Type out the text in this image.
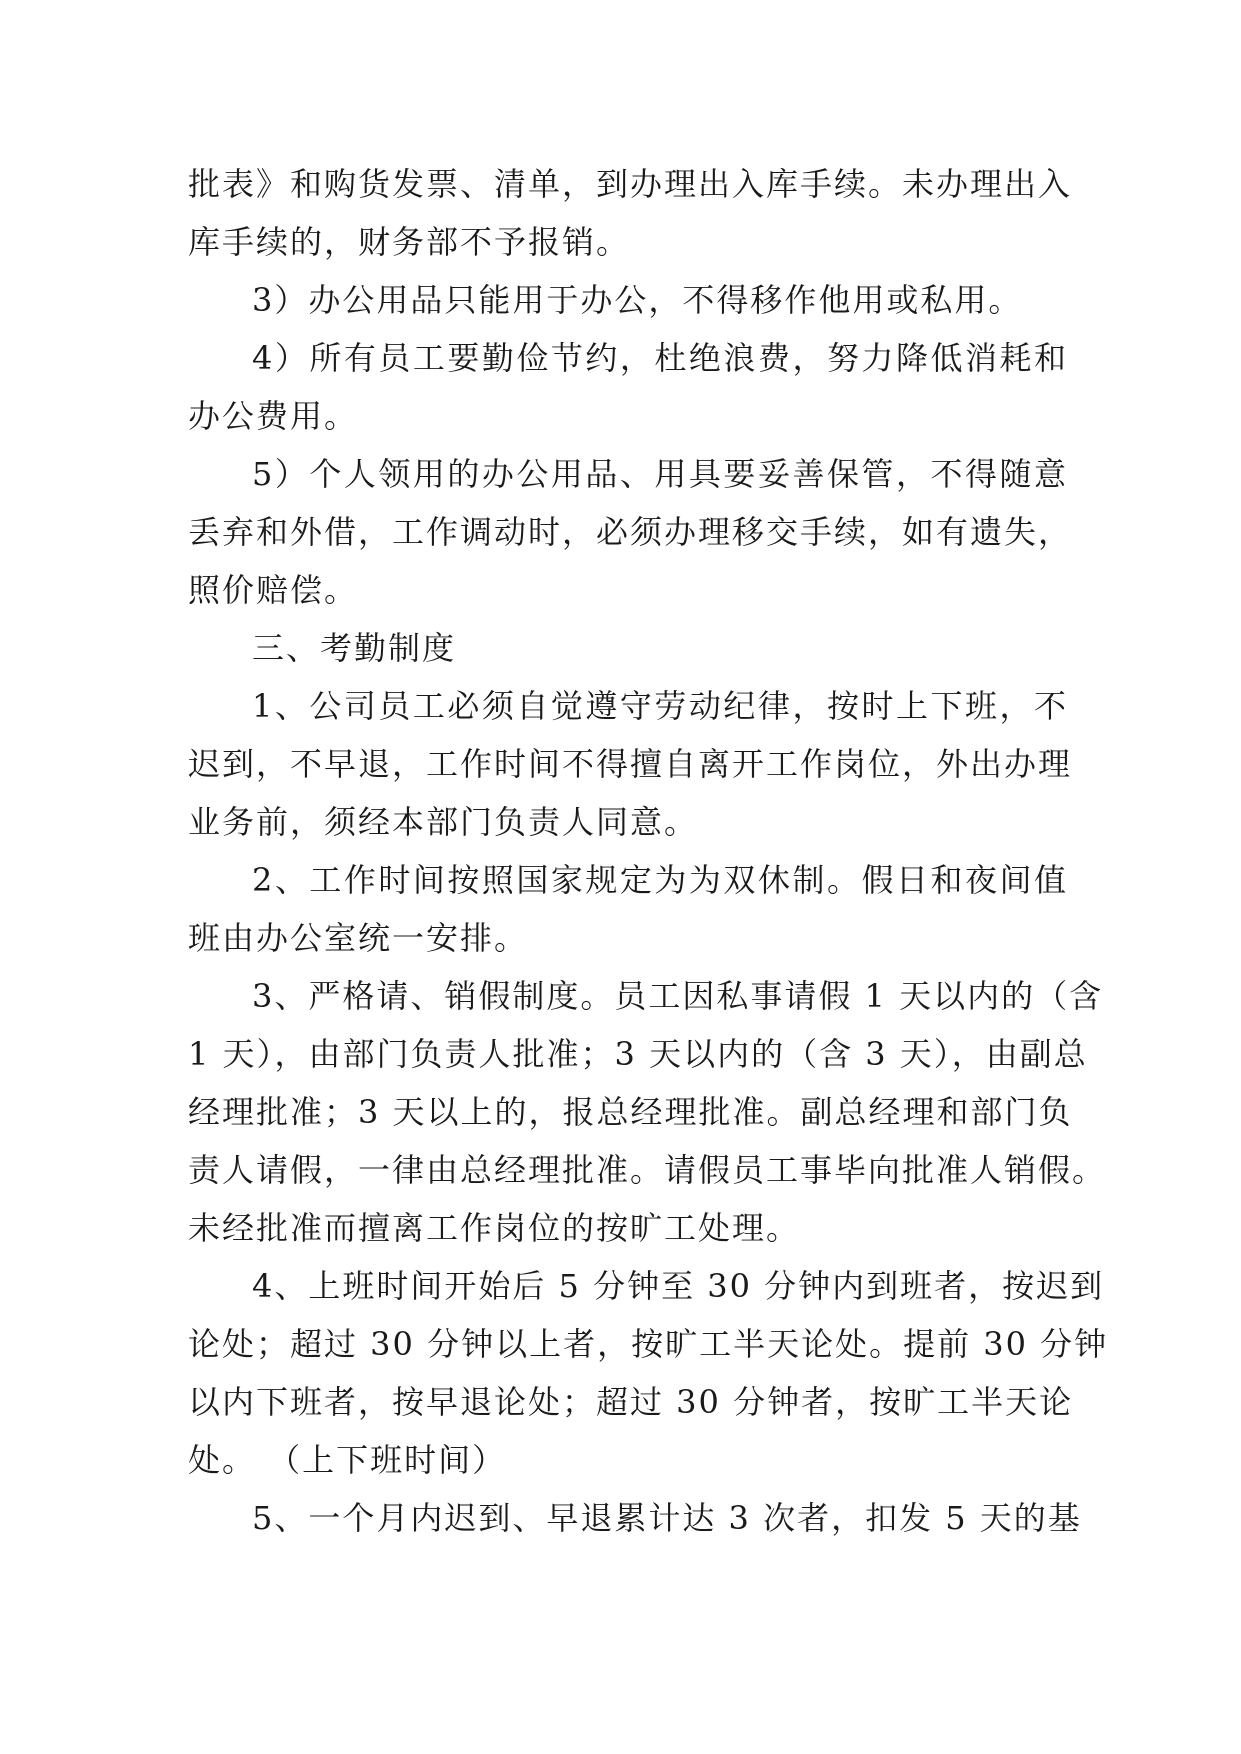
批表》和购货发票、清单，到办理出入库手续。未办理出入
库手续的，财务部不予报销。
3）办公用品只能用于办公，不得移作他用或私用。
4）所有员工要勤俭节约，杜绝浪费，努力降低消耗和
办公费用。
5）个人领用的办公用品、用具要妥善保管，不得随意
丢弃和外借，工作调动时，必须办理移交手续，如有遗失，
照价赔偿。
三、考勤制度
1、公司员工必须自觉遵守劳动纪律，按时上下班，不
迟到，不早退，工作时间不得擅自离开工作岗位，外出办理
业务前，须经本部门负责人同意。
2、工作时间按照国家规定为为双休制。假日和夜间值
班由办公室统一安排。
3、严格请、销假制度。员工因私事请假 1 天以内的（含
1 天），由部门负责人批准；3 天以内的（含 3 天），由副总
经理批准；3 天以上的，报总经理批准。副总经理和部门负
责人请假，一律由总经理批准。请假员工事毕向批准人销假。
未经批准而擅离工作岗位的按旷工处理。
4、上班时间开始后 5 分钟至 30 分钟内到班者，按迟到
论处；超过 30 分钟以上者，按旷工半天论处。提前 30 分钟
以内下班者，按早退论处；超过 30 分钟者，按旷工半天论
处。 （上下班时间）
5、一个月内迟到、早退累计达 3 次者，扣发 5 天的基
